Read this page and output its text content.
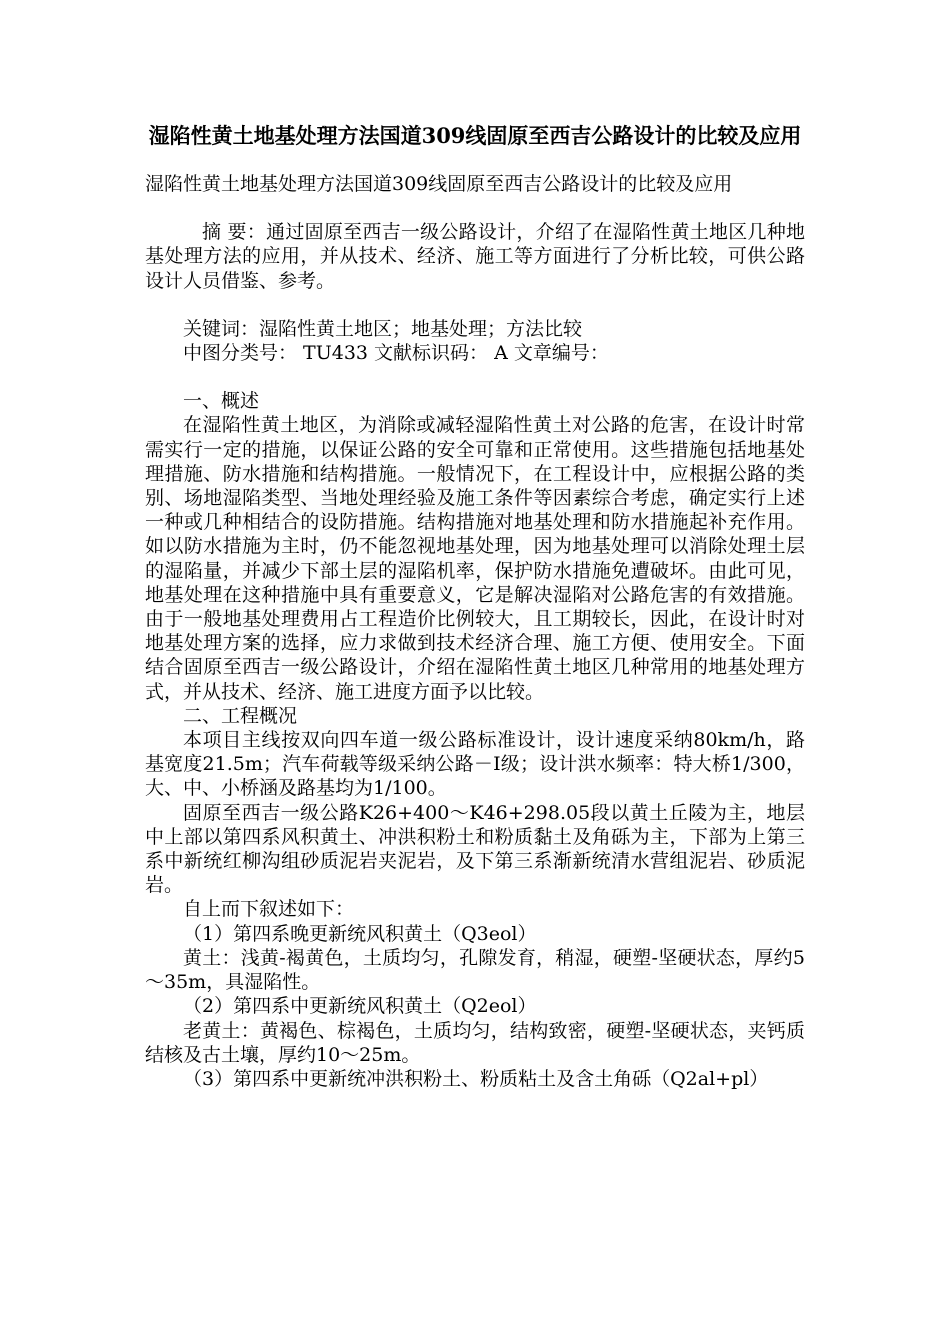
湿陷性黄土地基处理方法国道309线固原至西吉公路设计的比较及应用

湿陷性黄土地基处理方法国道309线固原至西吉公路设计的比较及应用

摘 要：通过固原至西吉一级公路设计，介绍了在湿陷性黄土地区几种地基处理方法的应用，并从技术、经济、施工等方面进行了分析比较，可供公路设计人员借鉴、参考。

关键词：湿陷性黄土地区；地基处理；方法比较

中图分类号： TU433 文献标识码： A 文章编号：

一、概述

在湿陷性黄土地区，为消除或减轻湿陷性黄土对公路的危害，在设计时常需实行一定的措施，以保证公路的安全可靠和正常使用。这些措施包括地基处理措施、防水措施和结构措施。一般情况下，在工程设计中，应根据公路的类别、场地湿陷类型、当地处理经验及施工条件等因素综合考虑，确定实行上述一种或几种相结合的设防措施。结构措施对地基处理和防水措施起补充作用。如以防水措施为主时，仍不能忽视地基处理，因为地基处理可以消除处理土层的湿陷量，并减少下部土层的湿陷机率，保护防水措施免遭破坏。由此可见，地基处理在这种措施中具有重要意义，它是解决湿陷对公路危害的有效措施。由于一般地基处理费用占工程造价比例较大，且工期较长，因此，在设计时对地基处理方案的选择，应力求做到技术经济合理、施工方便、使用安全。下面结合固原至西吉一级公路设计，介绍在湿陷性黄土地区几种常用的地基处理方式，并从技术、经济、施工进度方面予以比较。

二、工程概况

本项目主线按双向四车道一级公路标准设计，设计速度采纳80km/h，路基宽度21.5m；汽车荷载等级采纳公路－Ⅰ级；设计洪水频率：特大桥1/300，大、中、小桥涵及路基均为1/100。

固原至西吉一级公路K26+400～K46+298.05段以黄土丘陵为主，地层中上部以第四系风积黄土、冲洪积粉土和粉质黏土及角砾为主，下部为上第三系中新统红柳沟组砂质泥岩夹泥岩，及下第三系渐新统清水营组泥岩、砂质泥岩。

自上而下叙述如下：

（1）第四系晚更新统风积黄土（Q3eol）

黄土：浅黄-褐黄色，土质均匀，孔隙发育，稍湿，硬塑-坚硬状态，厚约5～35m，具湿陷性。

（2）第四系中更新统风积黄土（Q2eol）

老黄土：黄褐色、棕褐色，土质均匀，结构致密，硬塑-坚硬状态，夹钙质结核及古土壤，厚约10～25m。

（3）第四系中更新统冲洪积粉土、粉质粘土及含土角砾（Q2al+pl）
